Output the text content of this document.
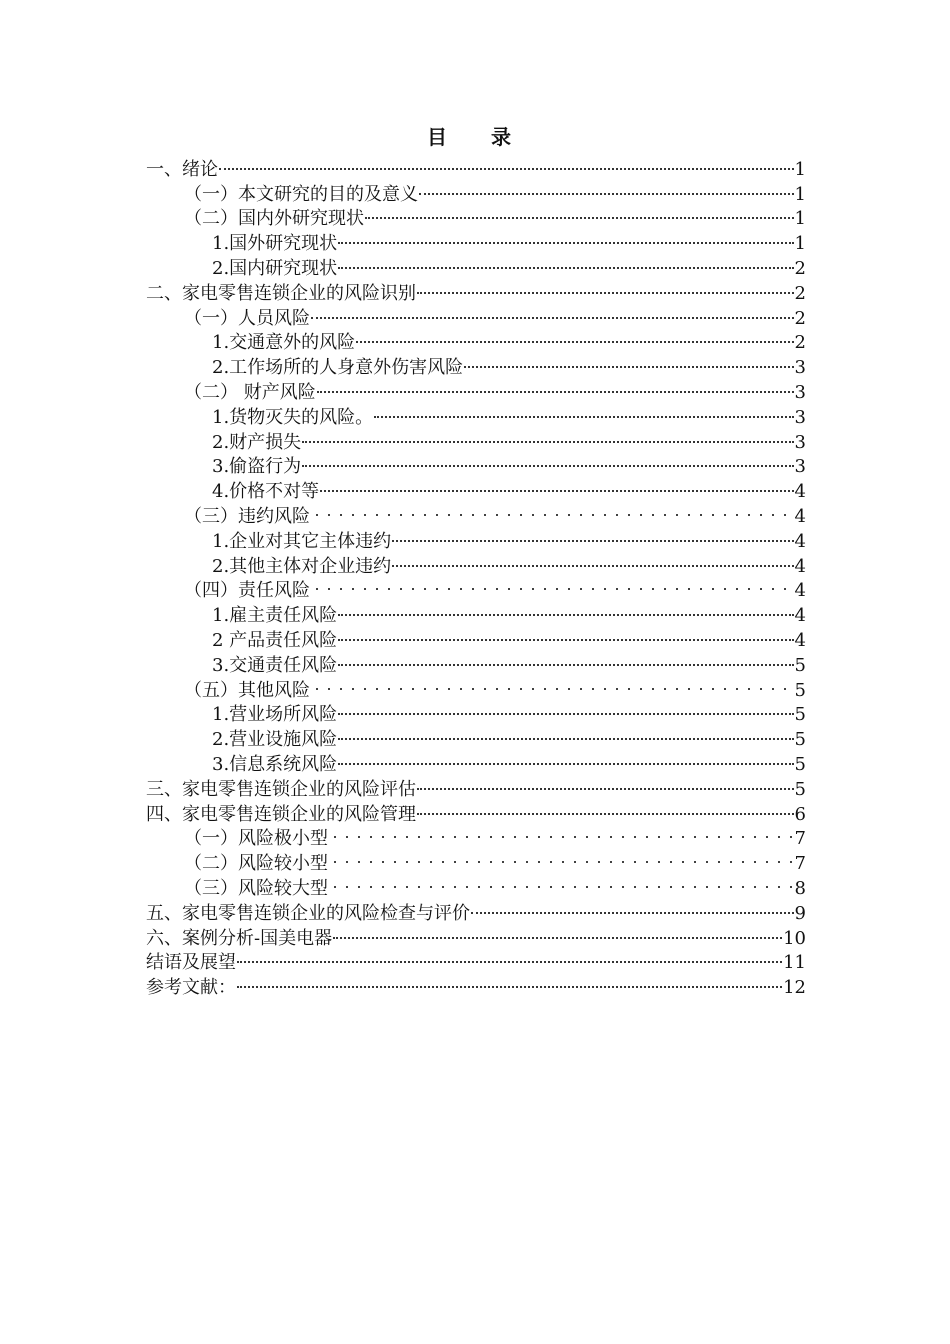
目　录
一、绪论	1
（一）本文研究的目的及意义	1
（二）国内外研究现状	1
1.国外研究现状	1
2.国内研究现状	2
二、家电零售连锁企业的风险识别	2
（一）人员风险	2
1.交通意外的风险	2
2.工作场所的人身意外伤害风险	3
（二） 财产风险	3
1.货物灭失的风险。	3
2.财产损失	3
3.偷盗行为	3
4.价格不对等	4
（三）违约风险	4
1.企业对其它主体违约	4
2.其他主体对企业违约	4
（四）责任风险	4
1.雇主责任风险	4
2 产品责任风险	4
3.交通责任风险	5
（五）其他风险	5
1.营业场所风险	5
2.营业设施风险	5
3.信息系统风险	5
三、家电零售连锁企业的风险评估	5
四、家电零售连锁企业的风险管理	6
（一）风险极小型	7
（二）风险较小型	7
（三）风险较大型	8
五、家电零售连锁企业的风险检查与评价	9
六、案例分析-国美电器	10
结语及展望	11
参考文献：	12
